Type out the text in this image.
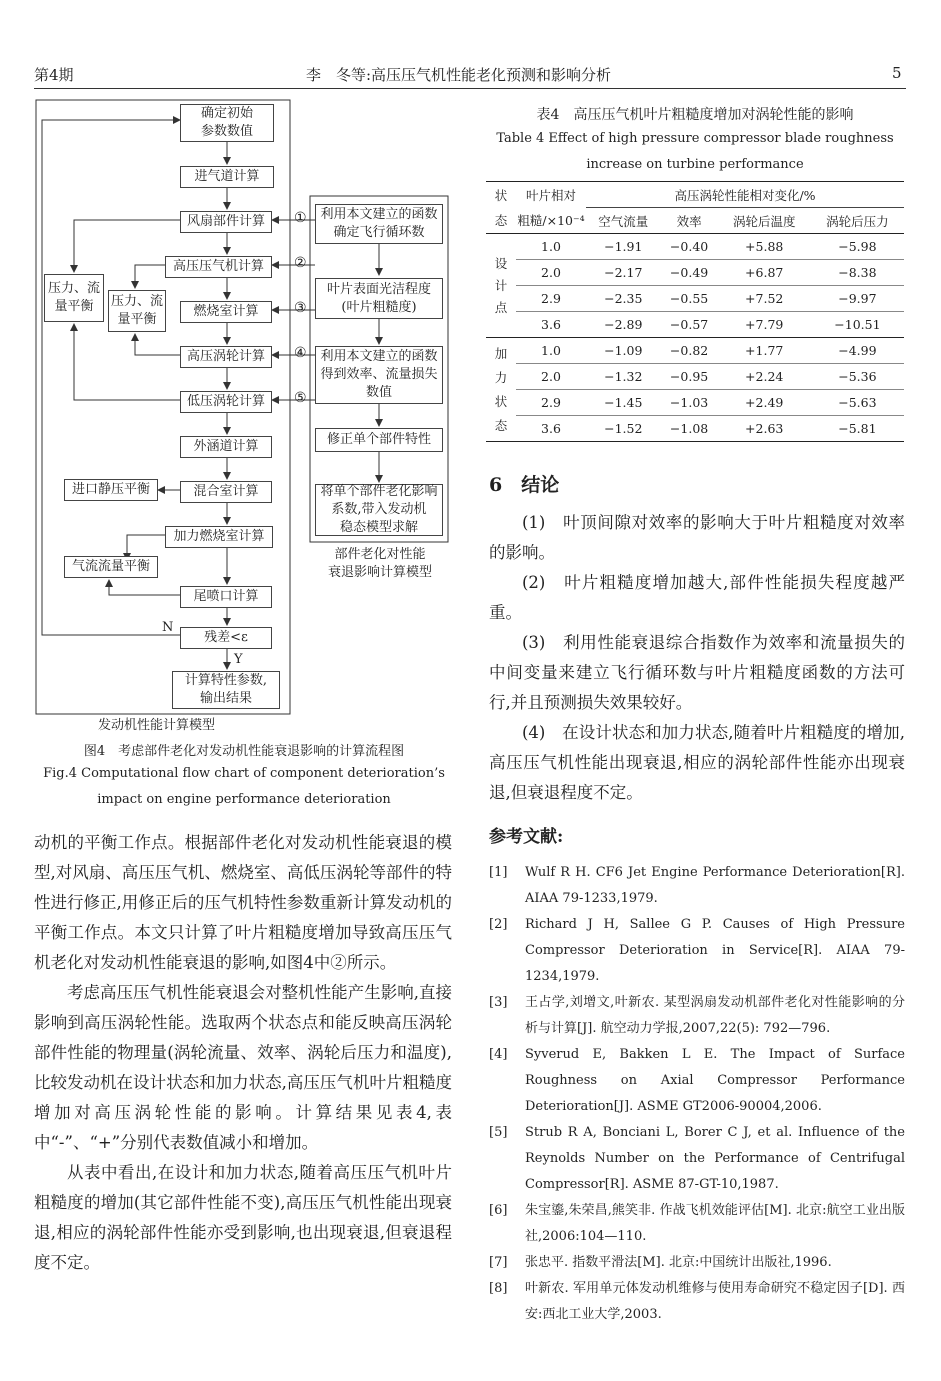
第4期	李　冬等:高压压气机性能老化预测和影响分析	5
确定初始
参数数值
进气道计算
风扇部件计算
高压压气机计算
燃烧室计算
高压涡轮计算
低压涡轮计算
外涵道计算
混合室计算
加力燃烧室计算
尾喷口计算
残差<ε
计算特性参数,
输出结果
压力、流
量平衡	压力、流
量平衡
进口静压平衡
气流流量平衡
利用本文建立的函数
确定飞行循环数
叶片表面光洁程度
(叶片粗糙度)
利用本文建立的函数
得到效率、流量损失
数值
修正单个部件特性
将单个部件老化影响
系数,带入发动机
稳态模型求解
①
②
③
④
⑤
N
Y
发动机性能计算模型
部件老化对性能
衰退影响计算模型
图4　考虑部件老化对发动机性能衰退影响的计算流程图
Fig.4 Computational flow chart of component deterioration’s
impact on engine performance deterioration

动机的平衡工作点。根据部件老化对发动机性能衰退的模型,对风扇、高压压气机、燃烧室、高低压涡轮等部件的特性进行修正,用修正后的压气机特性参数重新计算发动机的平衡工作点。本文只计算了叶片粗糙度增加导致高压压气机老化对发动机性能衰退的影响,如图4中②所示。

考虑高压压气机性能衰退会对整机性能产生影响,直接影响到高压涡轮性能。选取两个状态点和能反映高压涡轮部件性能的物理量(涡轮流量、效率、涡轮后压力和温度),比较发动机在设计状态和加力状态,高压压气机叶片粗糙度增加对高压涡轮性能的影响。计算结果见表4,表中“-”、“+”分别代表数值减小和增加。

从表中看出,在设计和加力状态,随着高压压气机叶片粗糙度的增加(其它部件性能不变),高压压气机性能出现衰退,相应的涡轮部件性能亦受到影响,也出现衰退,但衰退程度不定。

表4　高压压气机叶片粗糙度增加对涡轮性能的影响
Table 4 Effect of high pressure compressor blade roughness
increase on turbine performance
状	叶片相对	高压涡轮性能相对变化/%			
态	粗糙/×10⁻⁴	空气流量	效率	涡轮后温度	涡轮后压力
设
计
点	1.0	−1.91	−0.40	+5.88	−5.98
	2.0	−2.17	−0.49	+6.87	−8.38
	2.9	−2.35	−0.55	+7.52	−9.97
	3.6	−2.89	−0.57	+7.79	−10.51
加
力
状
态	1.0	−1.09	−0.82	+1.77	−4.99
	2.0	−1.32	−0.95	+2.24	−5.36
	2.9	−1.45	−1.03	+2.49	−5.63
	3.6	−1.52	−1.08	+2.63	−5.81
6　结论

(1)　叶顶间隙对效率的影响大于叶片粗糙度对效率的影响。

(2)　叶片粗糙度增加越大,部件性能损失程度越严重。

(3)　利用性能衰退综合指数作为效率和流量损失的中间变量来建立飞行循环数与叶片粗糙度函数的方法可行,并且预测损失效果较好。

(4)　在设计状态和加力状态,随着叶片粗糙度的增加,高压压气机性能出现衰退,相应的涡轮部件性能亦出现衰退,但衰退程度不定。

参考文献:
[1]	Wulf R H. CF6 Jet Engine Performance Deterioration[R]. AIAA 79-1233,1979.
[2]	Richard J H, Sallee G P. Causes of High Pressure Compressor Deterioration in Service[R]. AIAA 79-1234,1979.
[3]	王占学,刘增文,叶新农. 某型涡扇发动机部件老化对性能影响的分析与计算[J]. 航空动力学报,2007,22(5): 792—796.
[4]	Syverud E, Bakken L E. The Impact of Surface Roughness on Axial Compressor Performance Deterioration[J]. ASME GT2006-90004,2006.
[5]	Strub R A, Bonciani L, Borer C J, et al. Influence of the Reynolds Number on the Performance of Centrifugal Compressor[R]. ASME 87-GT-10,1987.
[6]	朱宝鎏,朱荣昌,熊笑非. 作战飞机效能评估[M]. 北京:航空工业出版社,2006:104—110.
[7]	张忠平. 指数平滑法[M]. 北京:中国统计出版社,1996.
[8]	叶新农. 军用单元体发动机维修与使用寿命研究不稳定因子[D]. 西安:西北工业大学,2003.
